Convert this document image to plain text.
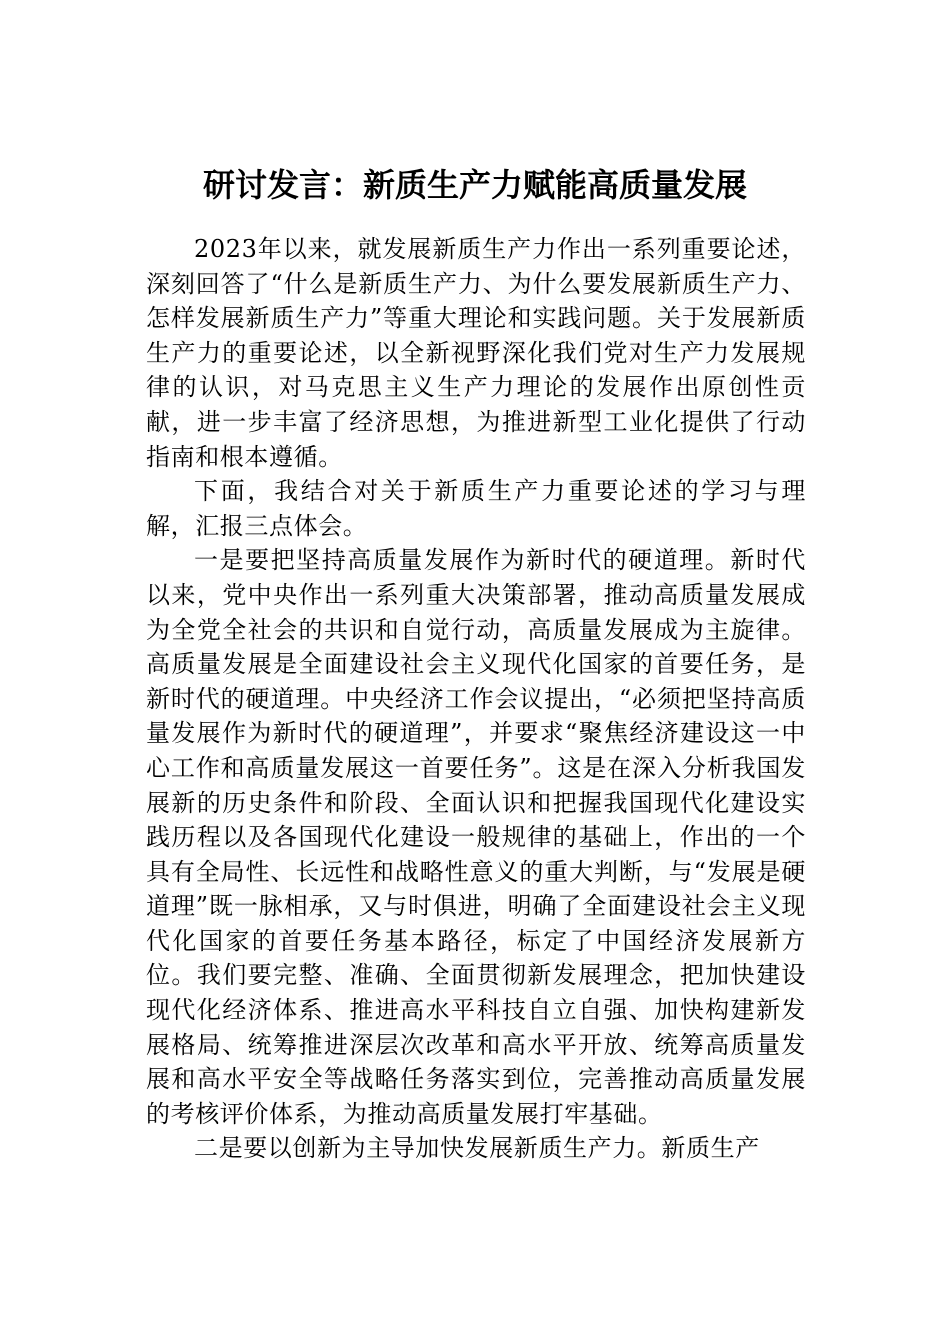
研讨发言：新质生产力赋能高质量发展

2023年以来，就发展新质生产力作出一系列重要论述，深刻回答了“什么是新质生产力、为什么要发展新质生产力、怎样发展新质生产力”等重大理论和实践问题。关于发展新质生产力的重要论述，以全新视野深化我们党对生产力发展规律的认识，对马克思主义生产力理论的发展作出原创性贡献，进一步丰富了经济思想，为推进新型工业化提供了行动指南和根本遵循。

下面，我结合对关于新质生产力重要论述的学习与理解，汇报三点体会。

一是要把坚持高质量发展作为新时代的硬道理。新时代以来，党中央作出一系列重大决策部署，推动高质量发展成为全党全社会的共识和自觉行动，高质量发展成为主旋律。高质量发展是全面建设社会主义现代化国家的首要任务，是新时代的硬道理。中央经济工作会议提出，“必须把坚持高质量发展作为新时代的硬道理”，并要求“聚焦经济建设这一中心工作和高质量发展这一首要任务”。这是在深入分析我国发展新的历史条件和阶段、全面认识和把握我国现代化建设实践历程以及各国现代化建设一般规律的基础上，作出的一个具有全局性、长远性和战略性意义的重大判断，与“发展是硬道理”既一脉相承，又与时俱进，明确了全面建设社会主义现代化国家的首要任务基本路径，标定了中国经济发展新方位。我们要完整、准确、全面贯彻新发展理念，把加快建设现代化经济体系、推进高水平科技自立自强、加快构建新发展格局、统筹推进深层次改革和高水平开放、统筹高质量发展和高水平安全等战略任务落实到位，完善推动高质量发展的考核评价体系，为推动高质量发展打牢基础。

二是要以创新为主导加快发展新质生产力。新质生产
